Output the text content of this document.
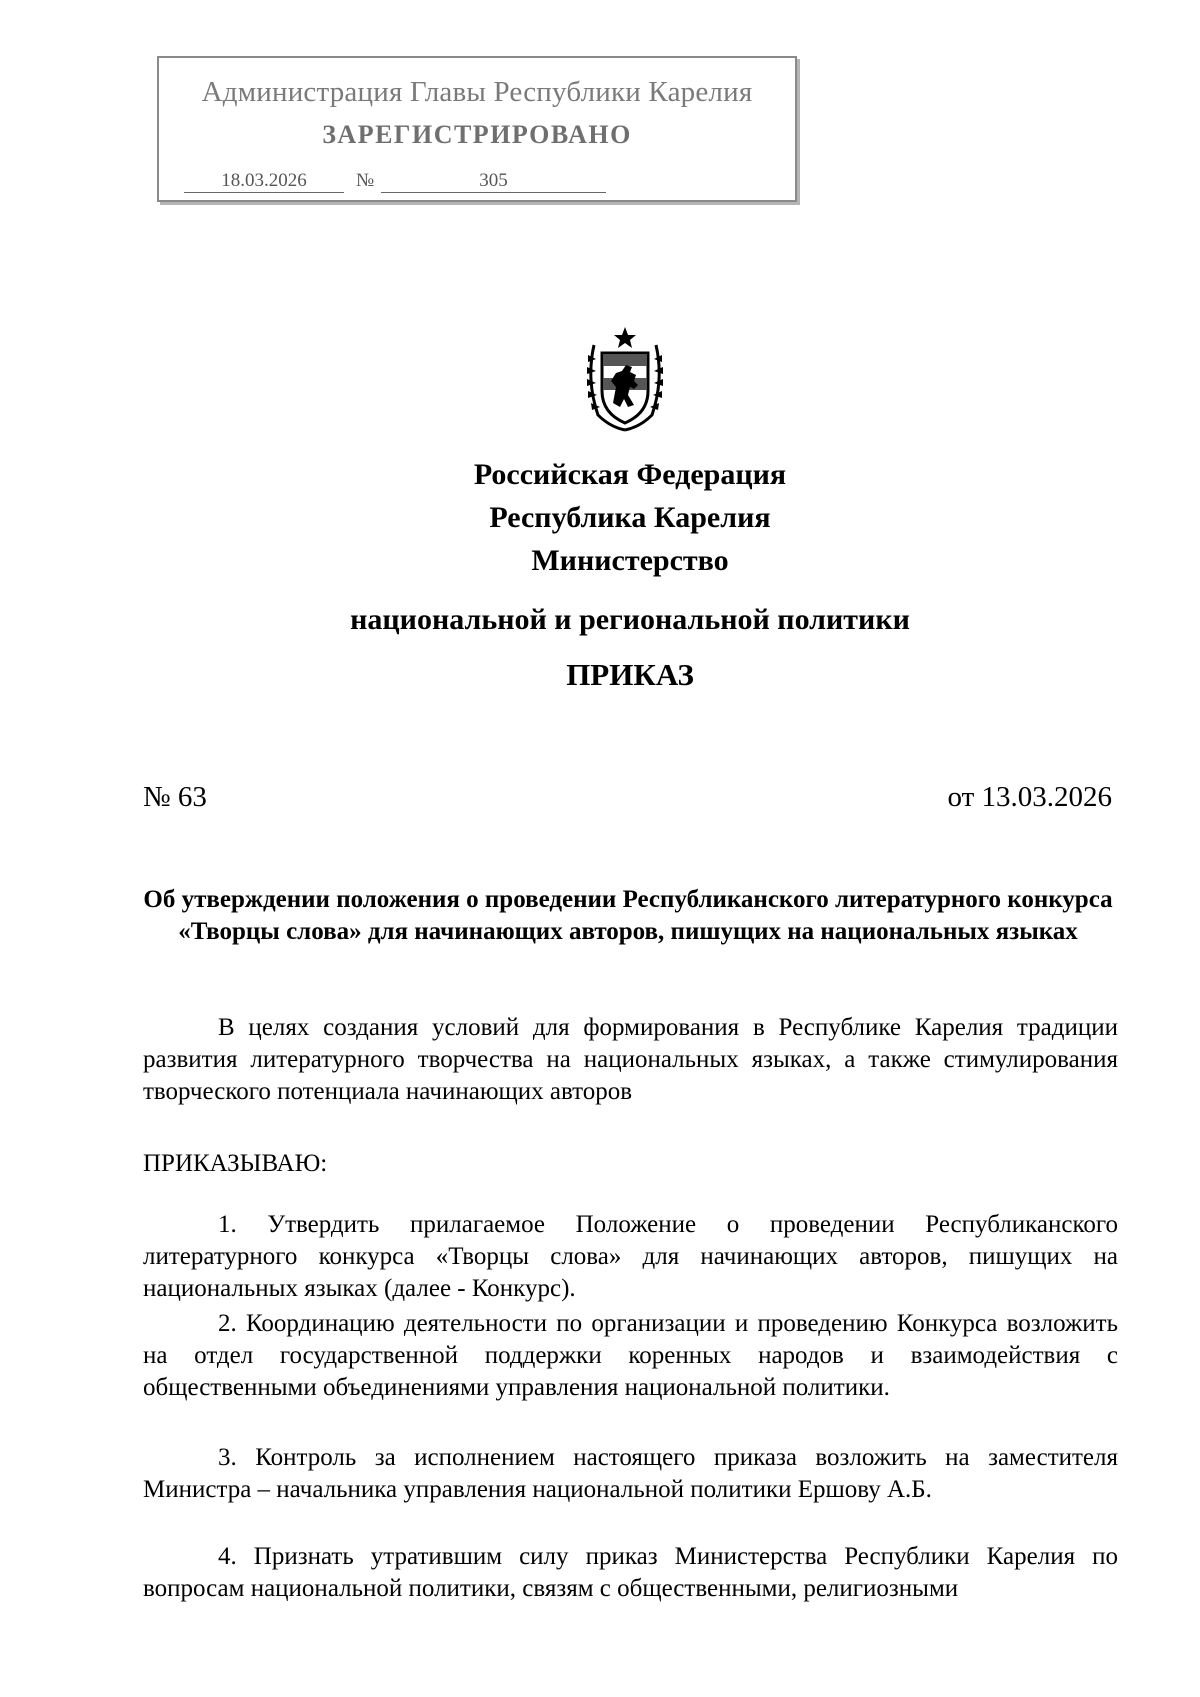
Администрация Главы Республики Карелия
ЗАРЕГИСТРИРОВАНО
18.03.2026	№	305
Российская Федерация
Республика Карелия
Министерство
национальной и региональной политики
ПРИКАЗ
№ 63	от 13.03.2026
Об утверждении положения о проведении Республиканского литературного конкурса «Творцы слова» для начинающих авторов, пишущих на национальных языках
В целях создания условий для формирования в Республике Карелия традиции развития литературного творчества на национальных языках, а также стимулирования творческого потенциала начинающих авторов
ПРИКАЗЫВАЮ:
1. Утвердить прилагаемое Положение о проведении Республиканского литературного конкурса «Творцы слова» для начинающих авторов, пишущих на национальных языках (далее - Конкурс).
2. Координацию деятельности по организации и проведению Конкурса возложить на отдел государственной поддержки коренных народов и взаимодействия с общественными объединениями управления национальной политики.
3. Контроль за исполнением настоящего приказа возложить на заместителя Министра – начальника управления национальной политики Ершову А.Б.
4. Признать утратившим силу приказ Министерства Республики Карелия по вопросам национальной политики, связям с общественными, религиозными
